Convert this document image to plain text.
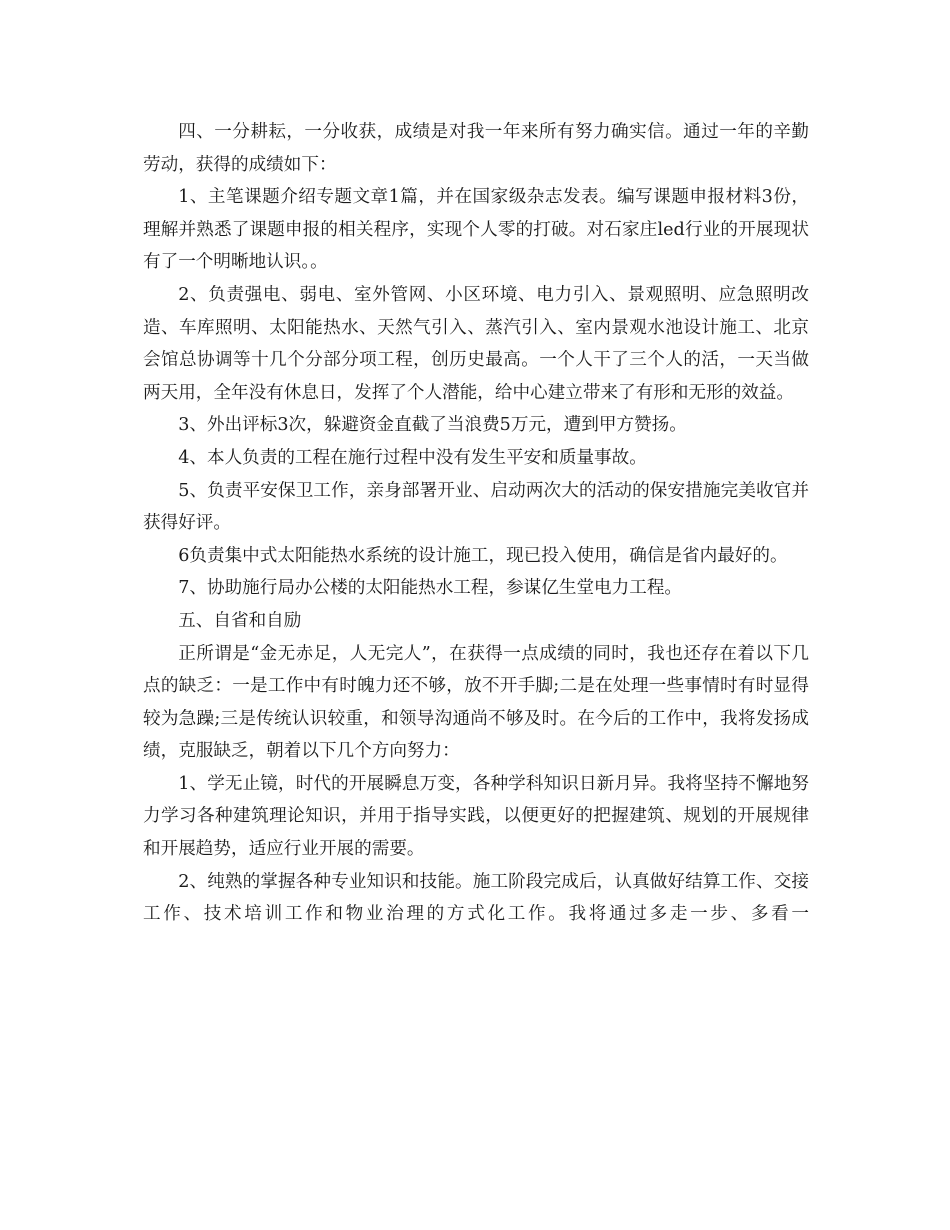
四、一分耕耘，一分收获，成绩是对我一年来所有努力确实信。通过一年的辛勤劳动，获得的成绩如下：

1、主笔课题介绍专题文章1篇，并在国家级杂志发表。编写课题申报材料3份，理解并熟悉了课题申报的相关程序，实现个人零的打破。对石家庄led行业的开展现状有了一个明晰地认识。。

2、负责强电、弱电、室外管网、小区环境、电力引入、景观照明、应急照明改造、车库照明、太阳能热水、天然气引入、蒸汽引入、室内景观水池设计施工、北京会馆总协调等十几个分部分项工程，创历史最高。一个人干了三个人的活，一天当做两天用，全年没有休息日，发挥了个人潜能，给中心建立带来了有形和无形的效益。

3、外出评标3次，躲避资金直截了当浪费5万元，遭到甲方赞扬。

4、本人负责的工程在施行过程中没有发生平安和质量事故。

5、负责平安保卫工作，亲身部署开业、启动两次大的活动的保安措施完美收官并获得好评。

6负责集中式太阳能热水系统的设计施工，现已投入使用，确信是省内最好的。

7、协助施行局办公楼的太阳能热水工程，参谋亿生堂电力工程。

五、自省和自励

正所谓是“金无赤足，人无完人”，在获得一点成绩的同时，我也还存在着以下几点的缺乏：一是工作中有时魄力还不够，放不开手脚;二是在处理一些事情时有时显得较为急躁;三是传统认识较重，和领导沟通尚不够及时。在今后的工作中，我将发扬成绩，克服缺乏，朝着以下几个方向努力：

1、学无止镜，时代的开展瞬息万变，各种学科知识日新月异。我将坚持不懈地努力学习各种建筑理论知识，并用于指导实践，以便更好的把握建筑、规划的开展规律和开展趋势，适应行业开展的需要。

2、纯熟的掌握各种专业知识和技能。施工阶段完成后，认真做好结算工作、交接工作、技术培训工作和物业治理的方式化工作。我将通过多走一步、多看一
